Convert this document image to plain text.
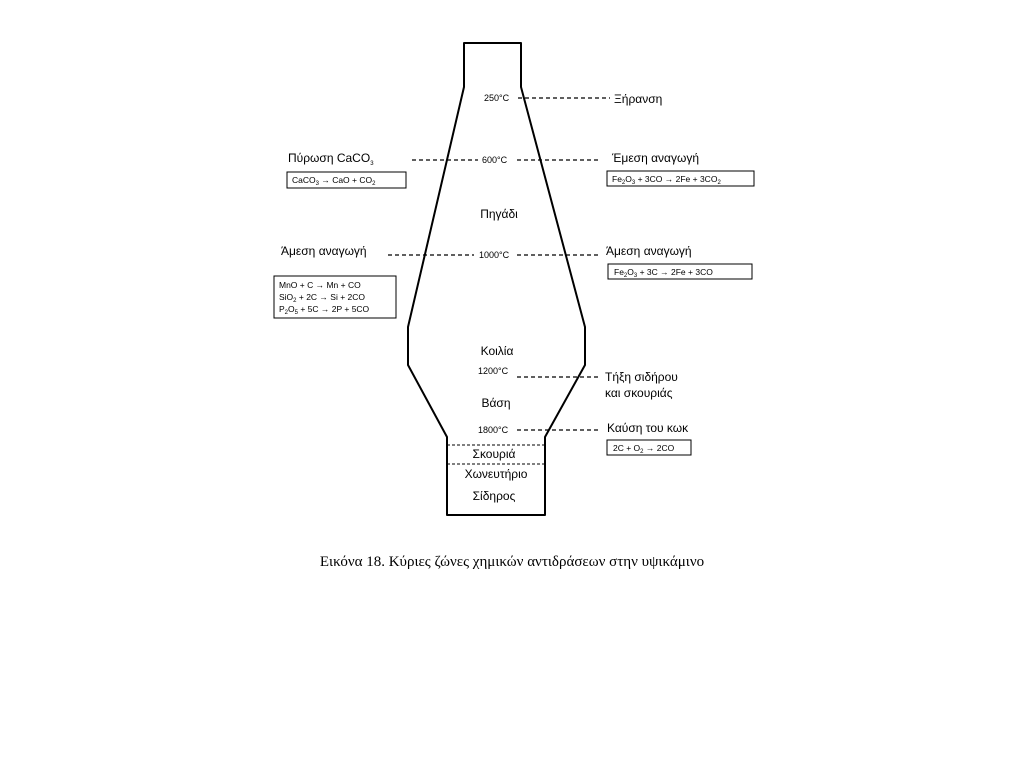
Πηγάδι
Κοιλία
Βάση
Σκουριά
Χωνευτήριο
Σίδηρος
250°C
600°C
1000°C
1200°C
1800°C
Ξήρανση
Έμεση αναγωγή
$Fe_2O_3 + 3CO \to 2Fe + 3CO_2$
Άμεση αναγωγή
$Fe_2O_3 + 3C \to 2Fe + 3CO$
Τήξη σιδήρου
και σκουριάς
Καύση του κωκ
$2C + O_2 \to 2CO$
Πύρωση CaCO$_3$
CaCO$_3$ → CaO + $CO_2$
Άμεση αναγωγή
MnO + C → Mn + CO
SiO$_2$ + 2C → Si + 2CO
$P_2O_5 + 5C \to 2P + 5CO$
Εικόνα 18. Κύριες ζώνες χημικών αντιδράσεων στην υψικάμινο
